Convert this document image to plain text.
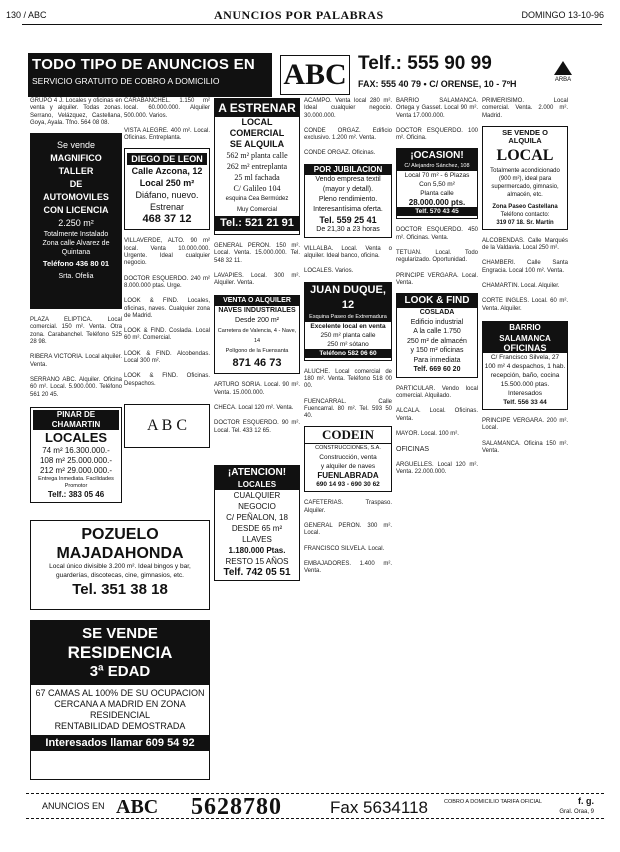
130 / ABC	ANUNCIOS POR PALABRAS	DOMINGO 13-10-96
TODO TIPO DE ANUNCIOS EN
SERVICIO GRATUITO DE COBRO A DOMICILIO	ABC Telf.: 555 90 99
FAX: 555 40 79 • C/ ORENSE, 10 - 7ºH	ARBA
GRUPO 4 J. Locales y oficinas en venta y alquiler. Todas zonas. Serrano, Velázquez, Castellana, Goya, Ayala. Tfno. 564 08 08.
Se vende
MAGNIFICO
TALLER
DE
AUTOMOVILES
CON LICENCIA
2.250 m²
Totalmente Instalado
Zona calle Alvarez de Quintana
Teléfono 436 80 01
Srta. Ofelia
PLAZA ELIPTICA. Local comercial. 150 m². Venta. Otra zona. Carabanchel. Teléfono 525 28 98.
RIBERA VICTORIA. Local alquiler. Venta.
SERRANO ABC. Alquiler. Oficina 60 m². Local. 5.900.000. Teléfono 561 20 45.
PINAR DE CHAMARTIN
LOCALES
74 m² 16.300.000.-
108 m² 25.000.000.-
212 m² 29.000.000.-
Entrega Inmediata. Facilidades Promotor
Telf.: 383 05 46
CARABANCHEL. 1.150 m² local. 60.000.000. Alquiler 500.000. Varios.
VISTA ALEGRE. 400 m². Local. Oficinas. Entreplanta.
DIEGO DE LEON
Calle Azcona, 12
Local 250 m²
Diáfano, nuevo.
Estrenar
468 37 12
VILLAVERDE, ALTO. 90 m² local. Venta 10.000.000. Urgente. Ideal cualquier negocio.
DOCTOR ESQUERDO. 240 m² 8.000.000 ptas. Urge.
LOOK & FIND. Locales, oficinas, naves. Cualquier zona de Madrid.
LOOK & FIND. Coslada. Local 60 m². Comercial.
LOOK & FIND. Alcobendas. Local 300 m².
LOOK & FIND. Oficinas. Despachos.
A B C
A ESTRENAR
LOCAL COMERCIAL
SE ALQUILA
562 m² planta calle
262 m² entreplanta
25 ml fachada
C/ Galileo 104
esquina Cea Bermúdez
Muy Comercial
Tel.: 521 21 91
GENERAL PERON. 150 m². Local. Venta. 15.000.000. Tel. 548 32 11.
LAVAPIES. Local. 300 m². Alquiler. Venta.
VENTA O ALQUILER
NAVES INDUSTRIALES
Desde 200 m²
Carretera de Valencia, 4 - Nave, 14
Polígono de la Fuensanta
871 46 73
ARTURO SORIA. Local. 90 m². Venta. 15.000.000.
CHECA. Local 120 m². Venta.
DOCTOR ESQUERDO. 90 m². Local. Tel. 433 12 65.
¡ATENCION!
LOCALES
CUALQUIER
NEGOCIO
C/ PEÑALON, 18
DESDE 65 m²
LLAVES
1.180.000 Ptas.
RESTO 15 AÑOS
Telf. 742 05 51
ACAMPO. Venta local 280 m². Ideal cualquier negocio. 30.000.000.
CONDE ORGAZ. Edificio exclusivo. 1.200 m². Venta.
CONDE ORGAZ. Oficinas.
POR JUBILACION
Vendo empresa textil
(mayor y detall).
Pleno rendimiento.
Interesantísima oferta.
Tel. 559 25 41
De 21,30 a 23 horas
VILLALBA. Local. Venta o alquiler. Ideal banco, oficina.
LOCALES. Varios.
JUAN DUQUE, 12
Esquina Paseo de Extremadura
Excelente local en venta
250 m² planta calle
250 m² sótano
Teléfono 582 06 60
ALUCHE. Local comercial de 180 m². Venta. Teléfono 518 00 00.
FUENCARRAL. Calle Fuencarral. 80 m². Tel. 593 50 40.
CODEIN
CONSTRUCCIONES, S.A.
Construcción, venta
y alquiler de naves
FUENLABRADA
690 14 93 - 690 30 62
CAFETERIAS. Traspaso. Alquiler.
GENERAL PERON. 300 m². Local.
FRANCISCO SILVELA. Local.
EMBAJADORES. 1.400 m². Venta.
BARRIO SALAMANCA. Ortega y Gasset. Local 90 m². Venta 17.000.000.
DOCTOR ESQUERDO. 100 m². Oficina.
¡OCASION!
C/ Alejandro Sánchez, 108
Local 70 m² - 6 Plazas
Con 5,50 m²
Planta calle
28.000.000 pts.
Telf. 570 43 45
DOCTOR ESQUERDO. 450 m². Oficinas. Venta.
TETUAN. Local. Todo regularizado. Oportunidad.
PRINCIPE VERGARA. Local. Venta.
LOOK & FIND
COSLADA
Edificio industrial
A la calle 1.750
250 m² de almacén
y 150 m² oficinas
Para inmediata
Telf. 669 60 20
PARTICULAR. Vendo local comercial. Alquilado.
ALCALA. Local. Oficinas. Venta.
MAYOR. Local. 100 m².
OFICINAS
ARGUELLES. Local 120 m². Venta. 22.000.000.
PRIMERISIMO. Local comercial. Venta. 2.000 m². Madrid.
SE VENDE O ALQUILA
LOCAL
Totalmente acondicionado (900 m²), ideal para supermercado, gimnasio, almacén, etc.
Zona Paseo Castellana
Teléfono contacto:
319 07 18. Sr. Martín
ALCOBENDAS. Calle Marqués de la Valdavia. Local 250 m².
CHAMBERI. Calle Santa Engracia. Local 100 m². Venta.
CHAMARTIN. Local. Alquiler.
CORTE INGLES. Local. 60 m². Venta. Alquiler.
BARRIO SALAMANCA
OFICINAS
C/ Francisco Silvela, 27
100 m² 4 despachos, 1 hab.
recepción, baño, cocina
15.500.000 ptas. Interesados
Telf. 556 33 44
PRINCIPE VERGARA. 200 m². Local.
SALAMANCA. Oficina 150 m². Venta.
POZUELO
MAJADAHONDA
Local único divisible 3.200 m². Ideal bingos y bar, guarderías, discotecas, cine, gimnasios, etc.
Tel. 351 38 18
SE VENDE
RESIDENCIA
3ª EDAD
67 CAMAS AL 100% DE SU OCUPACION
CERCANA A MADRID EN ZONA RESIDENCIAL
RENTABILIDAD DEMOSTRADA
Interesados llamar 609 54 92
ANUNCIOS EN ABC 5628780	Fax 5634118	COBRO A DOMICILIO TARIFA OFICIAL	f. g.
Gral. Oraa, 9
